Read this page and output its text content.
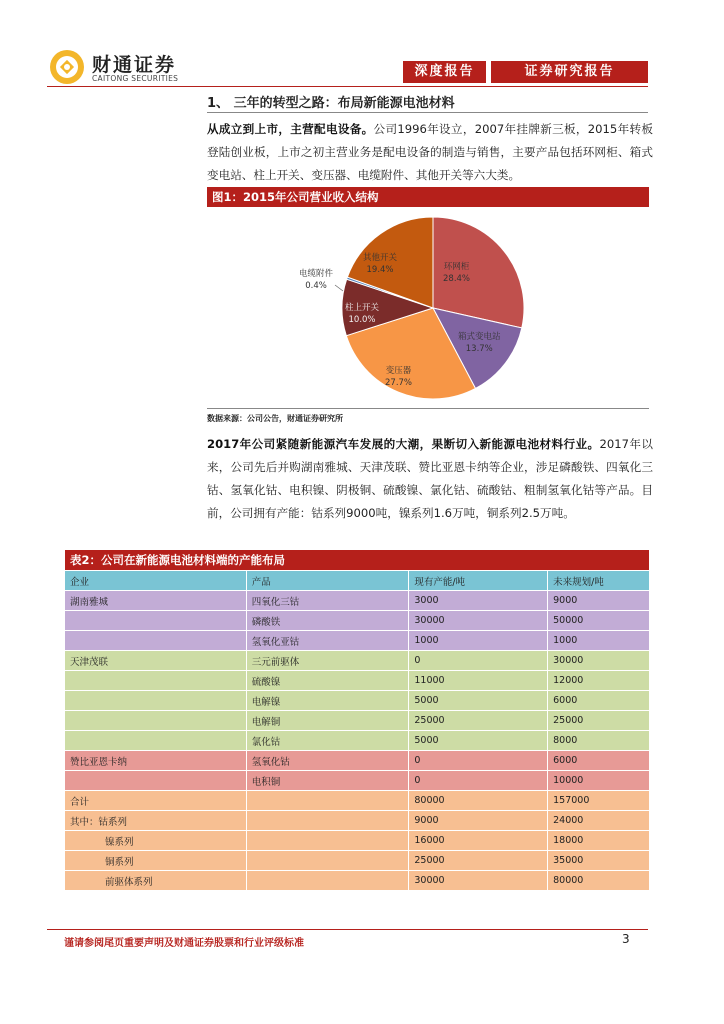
财通证券
CAITONG SECURITIES	深度报告	证券研究报告
1、 三年的转型之路：布局新能源电池材料
从成立到上市，主营配电设备。公司1996年设立，2007年挂牌新三板，2015年转板登陆创业板，上市之初主营业务是配电设备的制造与销售，主要产品包括环网柜、箱式变电站、柱上开关、变压器、电缆附件、其他开关等六大类。
图1：2015年公司营业收入结构
环网柜
28.4%
箱式变电站
13.7%
变压器
27.7%
柱上开关
10.0%
电缆附件
0.4%
其他开关
19.4%
数据来源：公司公告，财通证券研究所
2017年公司紧随新能源汽车发展的大潮，果断切入新能源电池材料行业。2017年以来，公司先后并购湖南雅城、天津茂联、赞比亚恩卡纳等企业，涉足磷酸铁、四氧化三钴、氢氧化钴、电积镍、阴极铜、硫酸镍、氯化钴、硫酸钴、粗制氢氧化钴等产品。目前，公司拥有产能：钴系列9000吨，镍系列1.6万吨，铜系列2.5万吨。
表2：公司在新能源电池材料端的产能布局			
企业	产品	现有产能/吨	未来规划/吨
湖南雅城	四氧化三钴	3000	9000
	磷酸铁	30000	50000
	氢氧化亚钴	1000	1000
天津茂联	三元前驱体	0	30000
	硫酸镍	11000	12000
	电解镍	5000	6000
	电解铜	25000	25000
	氯化钴	5000	8000
赞比亚恩卡纳	氢氧化钴	0	6000
	电积铜	0	10000
合计		80000	157000
其中：钴系列		9000	24000
镍系列		16000	18000
铜系列		25000	35000
前驱体系列		30000	80000
谨请参阅尾页重要声明及财通证券股票和行业评级标准	3
